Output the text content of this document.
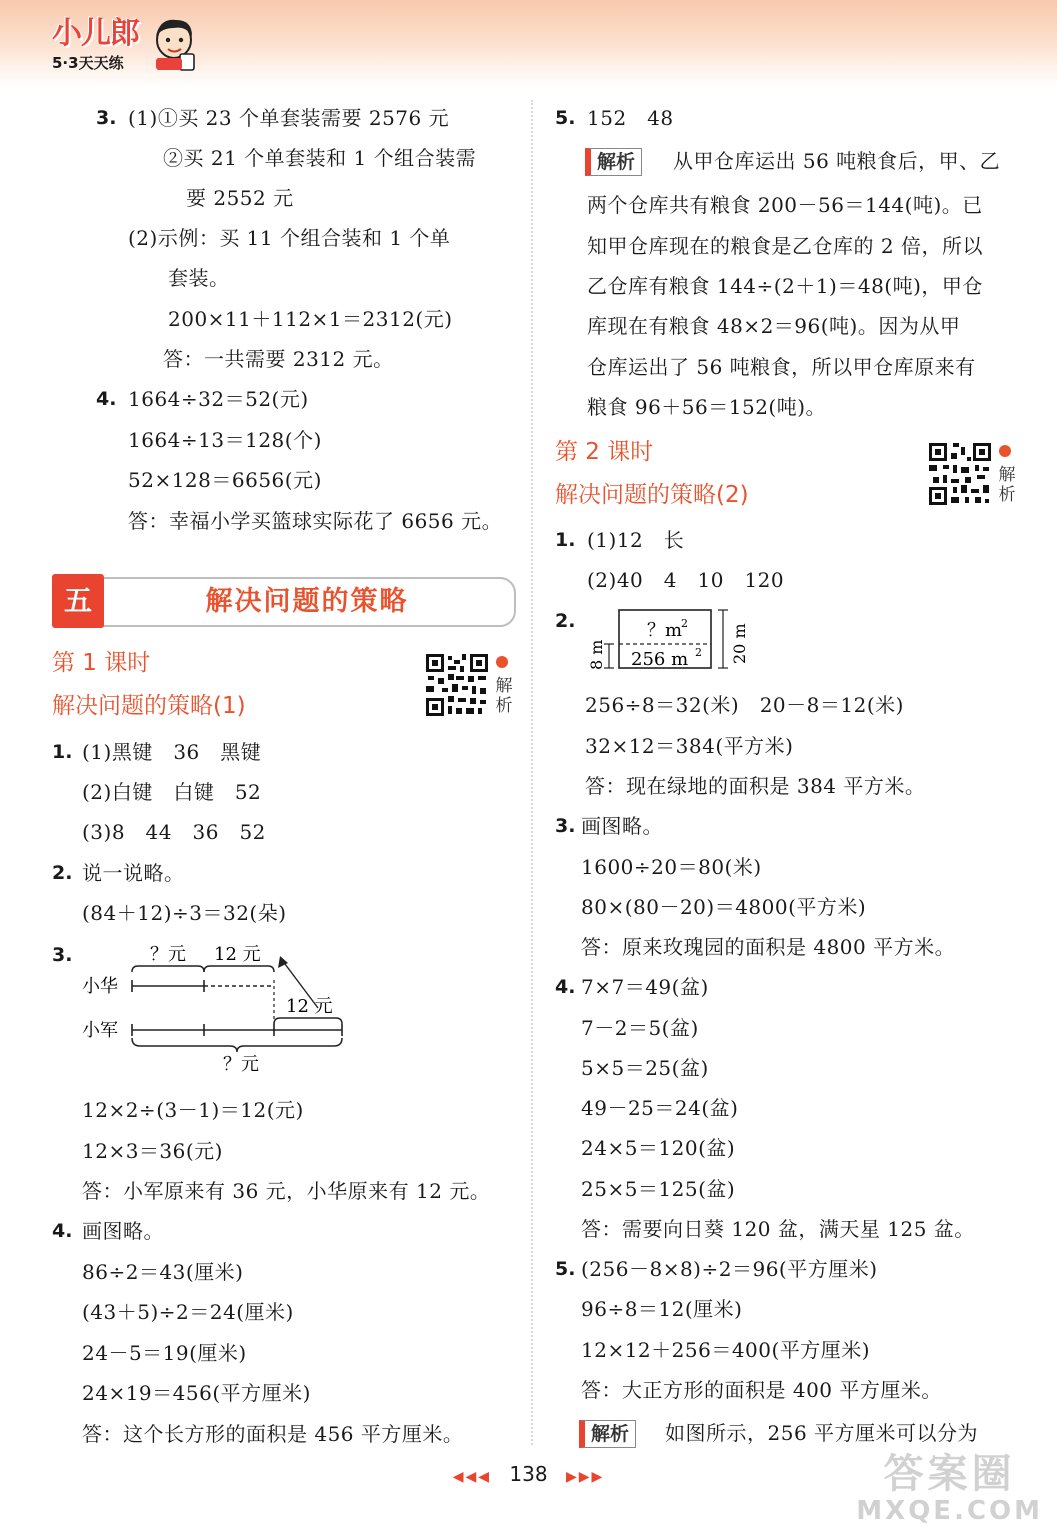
小儿郎
5·3天天练
3. (1)①买 23 个单套装需要 2576 元
②买 21 个单套装和 1 个组合装需
要 2552 元
(2)示例：买 11 个组合装和 1 个单
套装。
200×11＋112×1＝2312(元)
答：一共需要 2312 元。
4. 1664÷32＝52(元)
1664÷13＝128(个)
52×128＝6656(元)
答：幸福小学买篮球实际花了 6656 元。
五	解决问题的策略
第 1 课时
解决问题的策略(1)
解析
1. (1)黑键　36　黑键
(2)白键　白键　52
(3)8　44　36　52
2. 说一说略。
(84＋12)÷3＝32(朵)
3.	？元 12 元
小华
12 元
小军
？元
12×2÷(3－1)＝12(元)
12×3＝36(元)
答：小军原来有 36 元，小华原来有 12 元。
4. 画图略。
86÷2＝43(厘米)
(43＋5)÷2＝24(厘米)
24－5＝19(厘米)
24×19＝456(平方厘米)
答：这个长方形的面积是 456 平方厘米。
5. 152　48
解析	从甲仓库运出 56 吨粮食后，甲、乙
两个仓库共有粮食 200－56＝144(吨)。已
知甲仓库现在的粮食是乙仓库的 2 倍，所以
乙仓库有粮食 144÷(2＋1)＝48(吨)，甲仓
库现在有粮食 48×2＝96(吨)。因为从甲
仓库运出了 56 吨粮食，所以甲仓库原来有
粮食 96＋56＝152(吨)。
第 2 课时
解决问题的策略(2)
解析
1. (1)12　长
(2)40　4　10　120
2.	？m
2
256 m 2
8 m	20 m
256÷8＝32(米)　20－8＝12(米)
32×12＝384(平方米)
答：现在绿地的面积是 384 平方米。
3. 画图略。
1600÷20＝80(米)
80×(80－20)＝4800(平方米)
答：原来玫瑰园的面积是 4800 平方米。
4. 7×7＝49(盆)
7－2＝5(盆)
5×5＝25(盆)
49－25＝24(盆)
24×5＝120(盆)
25×5＝125(盆)
答：需要向日葵 120 盆，满天星 125 盆。
5. (256－8×8)÷2＝96(平方厘米)
96÷8＝12(厘米)
12×12＋256＝400(平方厘米)
答：大正方形的面积是 400 平方厘米。
解析	如图所示，256 平方厘米可以分为
◀◀◀ 138 ▶▶▶	答案圈
MXQE.COM
